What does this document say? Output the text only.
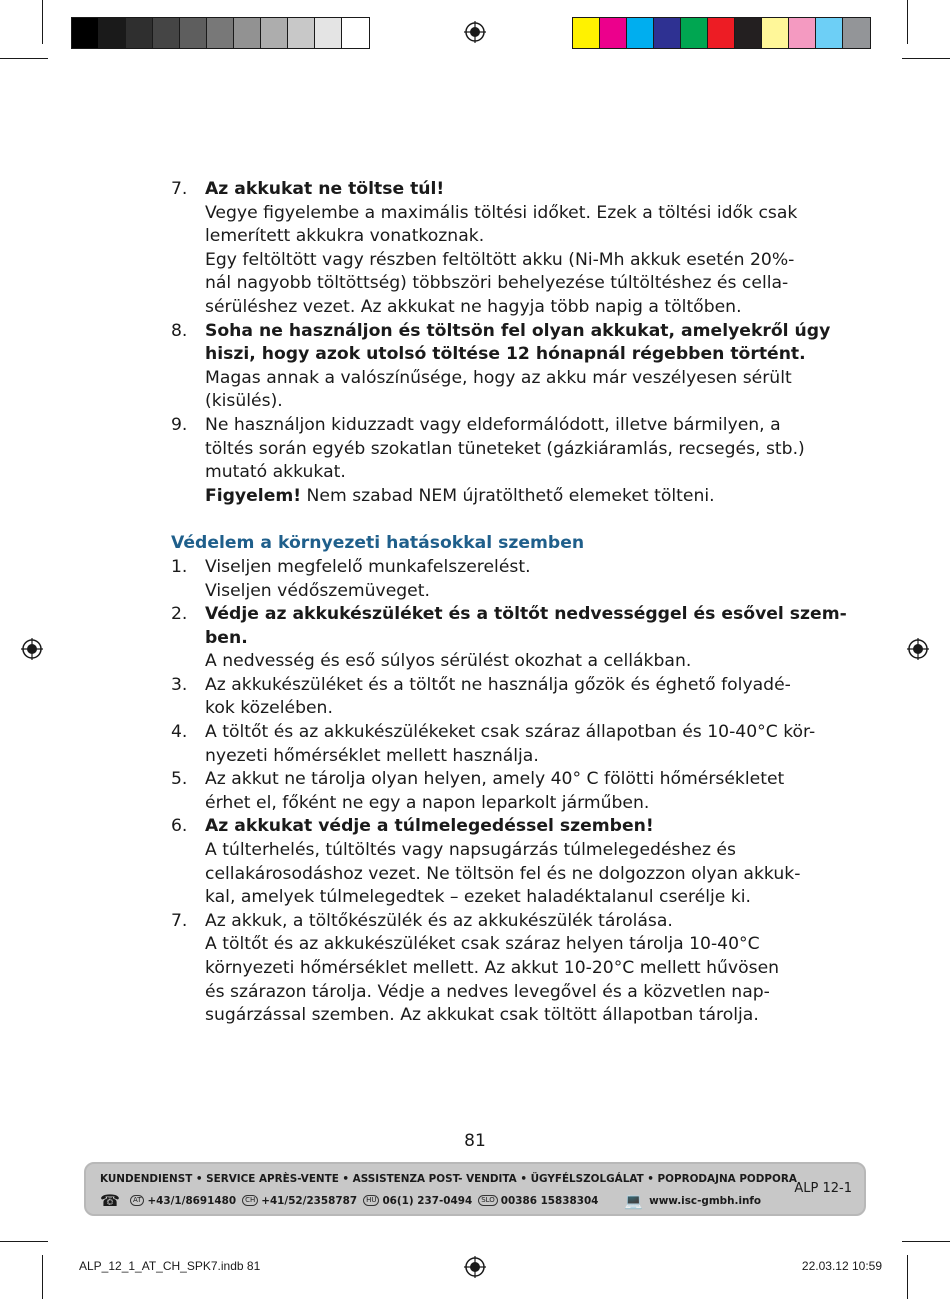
7.	Az akkukat ne töltse túl!
Vegye figyelembe a maximális töltési időket. Ezek a töltési idők csak
lemerített akkukra vonatkoznak.
Egy feltöltött vagy részben feltöltött akku (Ni-Mh akkuk esetén 20%-
nál nagyobb töltöttség) többszöri behelyezése túltöltéshez és cella-
sérüléshez vezet. Az akkukat ne hagyja több napig a töltőben.
8.	Soha ne használjon és töltsön fel olyan akkukat, amelyekről úgy
hiszi, hogy azok utolsó töltése 12 hónapnál régebben történt.
Magas annak a valószínűsége, hogy az akku már veszélyesen sérült
(kisülés).
9.	Ne használjon kiduzzadt vagy eldeformálódott, illetve bármilyen, a
töltés során egyéb szokatlan tüneteket (gázkiáramlás, recsegés, stb.)
mutató akkukat.
Figyelem! Nem szabad NEM újratölthető elemeket tölteni.
Védelem a környezeti hatásokkal szemben
1.	Viseljen megfelelő munkafelszerelést.
Viseljen védőszemüveget.
2.	Védje az akkukészüléket és a töltőt nedvességgel és esővel szem-
ben.
A nedvesség és eső súlyos sérülést okozhat a cellákban.
3.	Az akkukészüléket és a töltőt ne használja gőzök és éghető folyadé-
kok közelében.
4.	A töltőt és az akkukészülékeket csak száraz állapotban és 10-40°C kör-
nyezeti hőmérséklet mellett használja.
5.	Az akkut ne tárolja olyan helyen, amely 40° C fölötti hőmérsékletet
érhet el, főként ne egy a napon leparkolt járműben.
6.	Az akkukat védje a túlmelegedéssel szemben!
A túlterhelés, túltöltés vagy napsugárzás túlmelegedéshez és
cellakárosodáshoz vezet. Ne töltsön fel és ne dolgozzon olyan akkuk-
kal, amelyek túlmelegedtek – ezeket haladéktalanul cserélje ki.
7.	Az akkuk, a töltőkészülék és az akkukészülék tárolása.
A töltőt és az akkukészüléket csak száraz helyen tárolja 10-40°C
környezeti hőmérséklet mellett. Az akkut 10-20°C mellett hűvösen
és szárazon tárolja. Védje a nedves levegővel és a közvetlen nap-
sugárzással szemben. Az akkukat csak töltött állapotban tárolja.
81
KUNDENDIENST • SERVICE APRÈS-VENTE • ASSISTENZA POST- VENDITA • ÜGYFÉLSZOLGÁLAT • POPRODAJNA PODPORA
☎	AT +43/1/8691480	CH +41/52/2358787	HU 06(1) 237-0494	SLO 00386 15838304 💻 www.isc-gmbh.info
ALP 12-1
ALP_12_1_AT_CH_SPK7.indb 81	22.03.12 10:59
